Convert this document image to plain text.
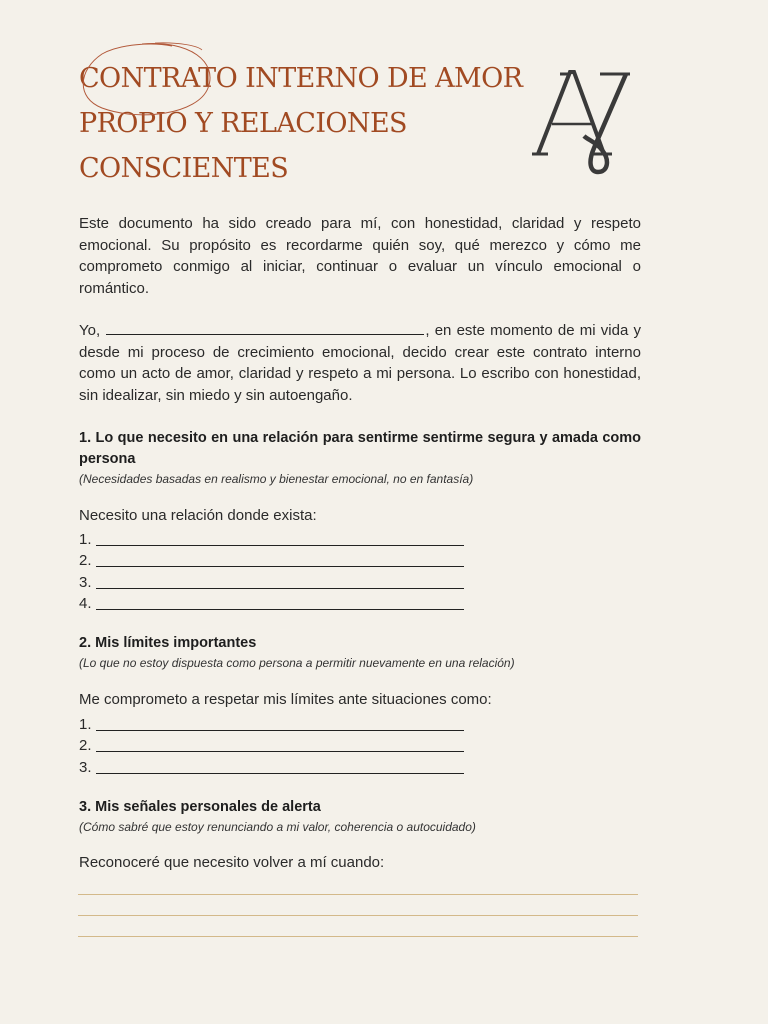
CONTRATO INTERNO DE AMOR
PROPIO Y RELACIONES
CONSCIENTES

Este documento ha sido creado para mí, con honestidad, claridad y respeto emocional. Su propósito es recordarme quién soy, qué merezco y cómo me comprometo conmigo al iniciar, continuar o evaluar un vínculo emocional o romántico.

Yo,	, en este momento de mi vida y desde mi proceso de crecimiento emocional, decido crear este contrato interno como un acto de amor, claridad y respeto a mi persona. Lo escribo con honestidad, sin idealizar, sin miedo y sin autoengaño.

1. Lo que necesito en una relación para sentirme sentirme segura y amada como persona

(Necesidades basadas en realismo y bienestar emocional, no en fantasía)

Necesito una relación donde exista:

1.
2.
3.
4.

2. Mis límites importantes

(Lo que no estoy dispuesta como persona a permitir nuevamente en una relación)

Me comprometo a respetar mis límites ante situaciones como:

1.
2.
3.

3. Mis señales personales de alerta

(Cómo sabré que estoy renunciando a mi valor, coherencia o autocuidado)

Reconoceré que necesito volver a mí cuando:
